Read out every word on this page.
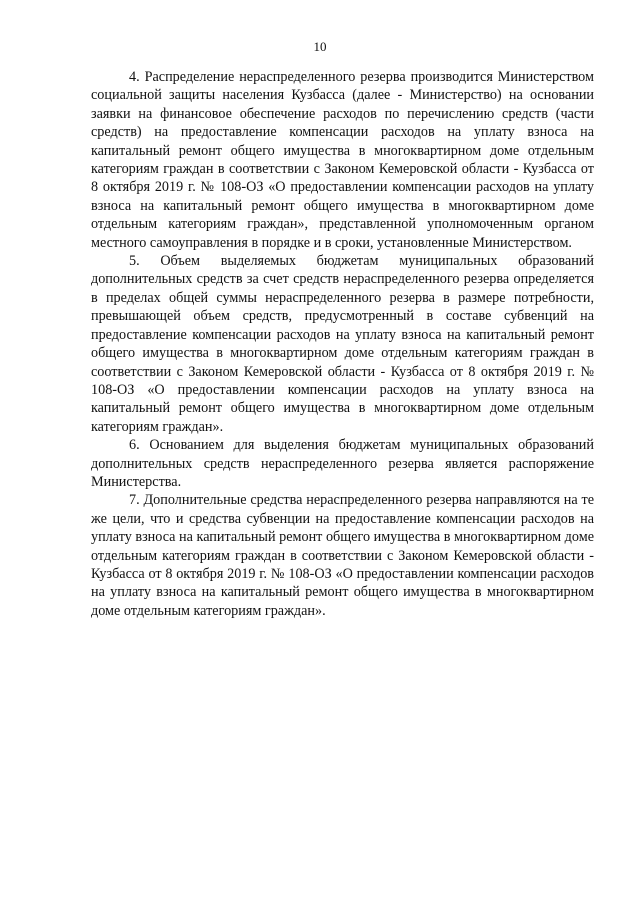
10

4. Распределение нераспределенного резерва производится Министерством социальной защиты населения Кузбасса (далее - Министерство) на основании заявки на финансовое обеспечение расходов по перечислению средств (части средств) на предоставление компенсации расходов на уплату взноса на капитальный ремонт общего имущества в многоквартирном доме отдельным категориям граждан в соответствии с Законом Кемеровской области - Кузбасса от 8 октября 2019 г. № 108-ОЗ «О предоставлении компенсации расходов на уплату взноса на капитальный ремонт общего имущества в многоквартирном доме отдельным категориям граждан», представленной уполномоченным органом местного самоуправления в порядке и в сроки, установленные Министерством.

5. Объем выделяемых бюджетам муниципальных образований дополнительных средств за счет средств нераспределенного резерва определяется в пределах общей суммы нераспределенного резерва в размере потребности, превышающей объем средств, предусмотренный в составе субвенций на предоставление компенсации расходов на уплату взноса на капитальный ремонт общего имущества в многоквартирном доме отдельным категориям граждан в соответствии с Законом Кемеровской области - Кузбасса от 8 октября 2019 г. № 108-ОЗ «О предоставлении компенсации расходов на уплату взноса на капитальный ремонт общего имущества в многоквартирном доме отдельным категориям граждан».

6. Основанием для выделения бюджетам муниципальных образований дополнительных средств нераспределенного резерва является распоряжение Министерства.

7. Дополнительные средства нераспределенного резерва направляются на те же цели, что и средства субвенции на предоставление компенсации расходов на уплату взноса на капитальный ремонт общего имущества в многоквартирном доме отдельным категориям граждан в соответствии с Законом Кемеровской области - Кузбасса от 8 октября 2019 г. № 108-ОЗ «О предоставлении компенсации расходов на уплату взноса на капитальный ремонт общего имущества в многоквартирном доме отдельным категориям граждан».
